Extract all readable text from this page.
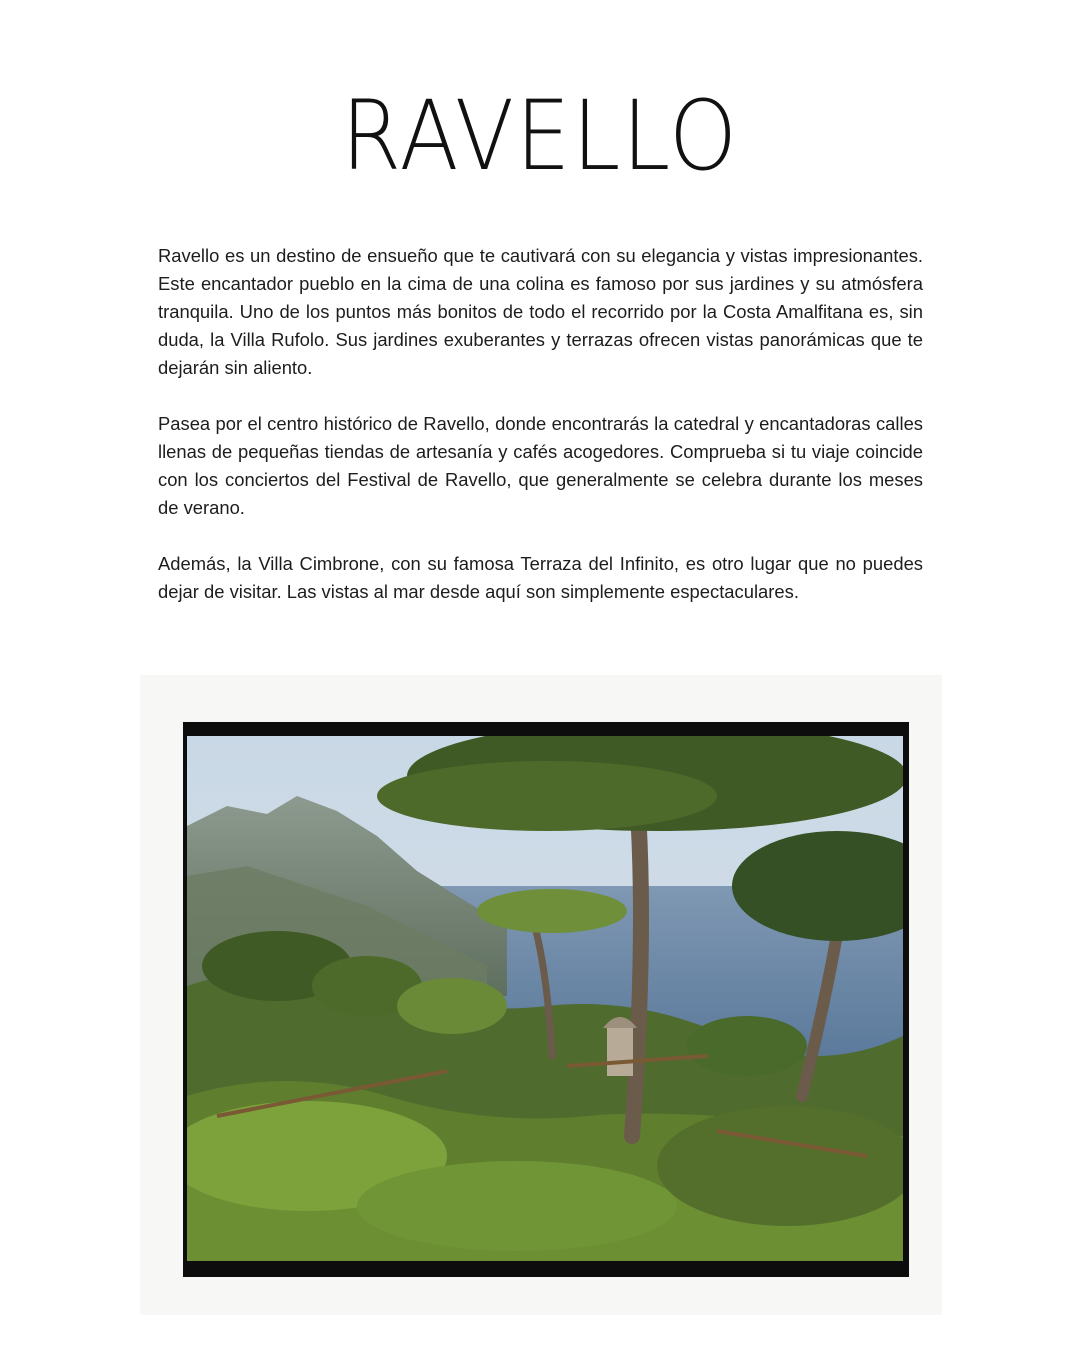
RAVELLO

Ravello es un destino de ensueño que te cautivará con su elegancia y vistas impresionantes. Este encantador pueblo en la cima de una colina es famoso por sus jardines y su atmósfera tranquila. Uno de los puntos más bonitos de todo el recorrido por la Costa Amalfitana es, sin duda, la Villa Rufolo. Sus jardines exuberantes y terrazas ofrecen vistas panorámicas que te dejarán sin aliento.

Pasea por el centro histórico de Ravello, donde encontrarás la catedral y encantadoras calles llenas de pequeñas tiendas de artesanía y cafés acogedores. Comprueba si tu viaje coincide con los conciertos del Festival de Ravello, que generalmente se celebra durante los meses de verano.

Además, la Villa Cimbrone, con su famosa Terraza del Infinito, es otro lugar que no puedes dejar de visitar. Las vistas al mar desde aquí son simplemente espectaculares.
